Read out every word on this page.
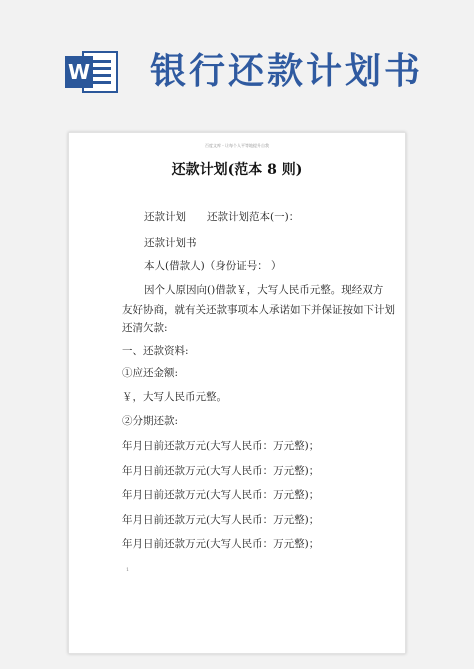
W 银行还款计划书
百度文库 - 让每个人平等地提升自我
还款计划(范本 8 则)
还款计划　　还款计划范本(一)：
还款计划书
本人(借款人)（身份证号： ）
因个人原因向()借款￥，大写人民币元整。现经双方
友好协商，就有关还款事项本人承诺如下并保证按如下计划
还清欠款:
一、还款资料:
①应还金额:
￥，大写人民币元整。
②分期还款:
年月日前还款万元(大写人民币：万元整)；
年月日前还款万元(大写人民币：万元整)；
年月日前还款万元(大写人民币：万元整)；
年月日前还款万元(大写人民币：万元整)；
年月日前还款万元(大写人民币：万元整)；
1
